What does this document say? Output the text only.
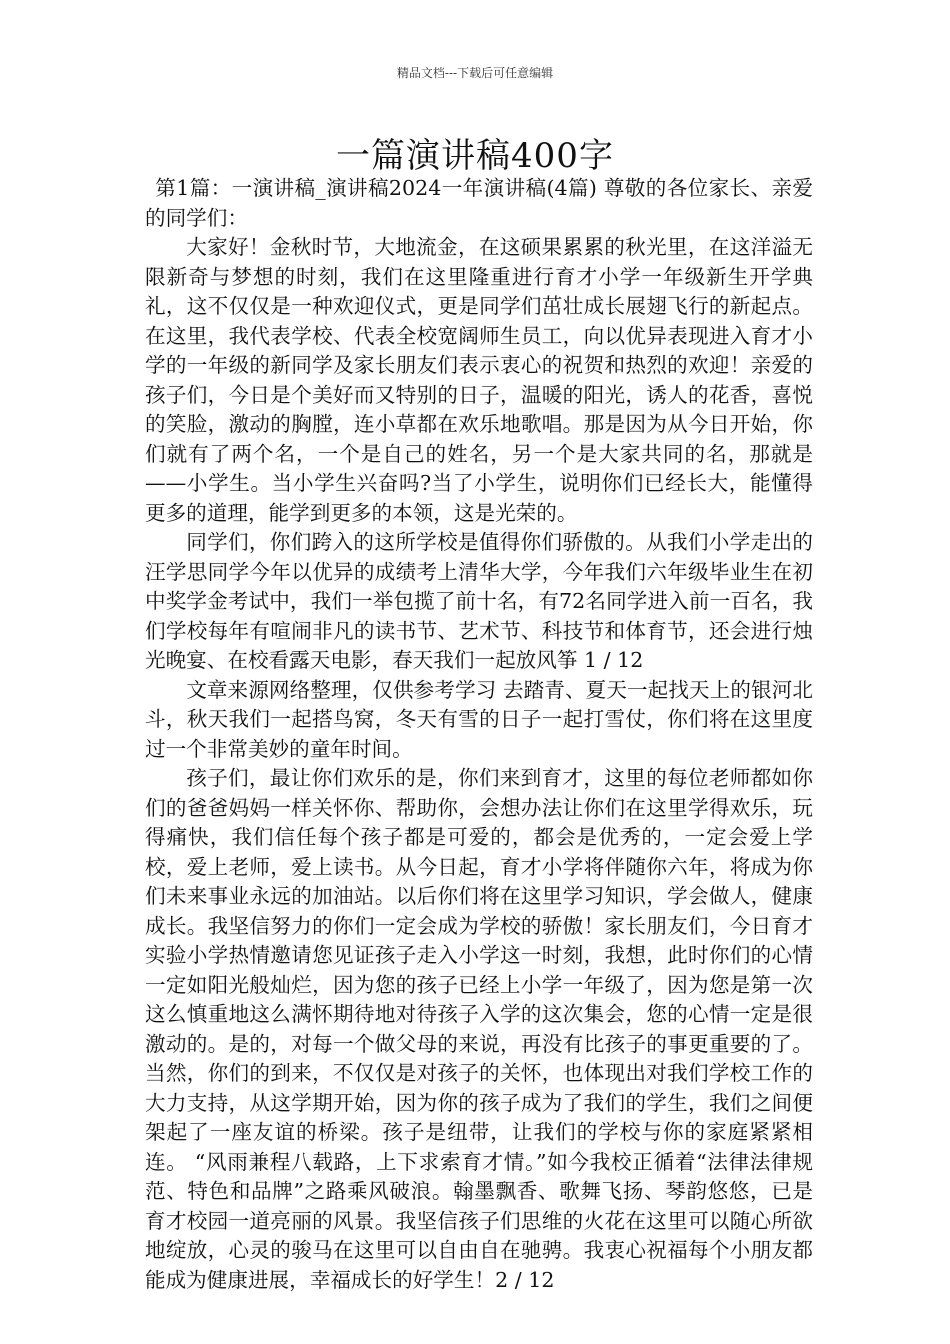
精品文档---下载后可任意编辑
一篇演讲稿400字

第1篇：一演讲稿_演讲稿2024一年演讲稿(4篇) 尊敬的各位家长、亲爱的同学们：

大家好！金秋时节，大地流金，在这硕果累累的秋光里，在这洋溢无限新奇与梦想的时刻，我们在这里隆重进行育才小学一年级新生开学典礼，这不仅仅是一种欢迎仪式，更是同学们茁壮成长展翅飞行的新起点。在这里，我代表学校、代表全校宽阔师生员工，向以优异表现进入育才小学的一年级的新同学及家长朋友们表示衷心的祝贺和热烈的欢迎！亲爱的孩子们，今日是个美好而又特别的日子，温暖的阳光，诱人的花香，喜悦的笑脸，激动的胸膛，连小草都在欢乐地歌唱。那是因为从今日开始，你们就有了两个名，一个是自己的姓名，另一个是大家共同的名，那就是——小学生。当小学生兴奋吗?当了小学生，说明你们已经长大，能懂得更多的道理，能学到更多的本领，这是光荣的。

同学们，你们跨入的这所学校是值得你们骄傲的。从我们小学走出的汪学思同学今年以优异的成绩考上清华大学，今年我们六年级毕业生在初中奖学金考试中，我们一举包揽了前十名，有72名同学进入前一百名，我们学校每年有喧闹非凡的读书节、艺术节、科技节和体育节，还会进行烛光晚宴、在校看露天电影，春天我们一起放风筝 1 / 12

文章来源网络整理，仅供参考学习 去踏青、夏天一起找天上的银河北斗，秋天我们一起搭鸟窝，冬天有雪的日子一起打雪仗，你们将在这里度过一个非常美妙的童年时间。

孩子们，最让你们欢乐的是，你们来到育才，这里的每位老师都如你们的爸爸妈妈一样关怀你、帮助你，会想办法让你们在这里学得欢乐，玩得痛快，我们信任每个孩子都是可爱的，都会是优秀的，一定会爱上学校，爱上老师，爱上读书。从今日起，育才小学将伴随你六年，将成为你们未来事业永远的加油站。以后你们将在这里学习知识，学会做人，健康成长。我坚信努力的你们一定会成为学校的骄傲！家长朋友们，今日育才实验小学热情邀请您见证孩子走入小学这一时刻，我想，此时你们的心情一定如阳光般灿烂，因为您的孩子已经上小学一年级了，因为您是第一次这么慎重地这么满怀期待地对待孩子入学的这次集会，您的心情一定是很激动的。是的，对每一个做父母的来说，再没有比孩子的事更重要的了。当然，你们的到来，不仅仅是对孩子的关怀，也体现出对我们学校工作的大力支持，从这学期开始，因为你的孩子成为了我们的学生，我们之间便架起了一座友谊的桥梁。孩子是纽带，让我们的学校与你的家庭紧紧相连。 “风雨兼程八载路，上下求索育才情。”如今我校正循着“法律法律规范、特色和品牌”之路乘风破浪。翰墨飘香、歌舞飞扬、琴韵悠悠，已是育才校园一道亮丽的风景。我坚信孩子们思维的火花在这里可以随心所欲地绽放，心灵的骏马在这里可以自由自在驰骋。我衷心祝福每个小朋友都能成为健康进展，幸福成长的好学生！2 / 12
